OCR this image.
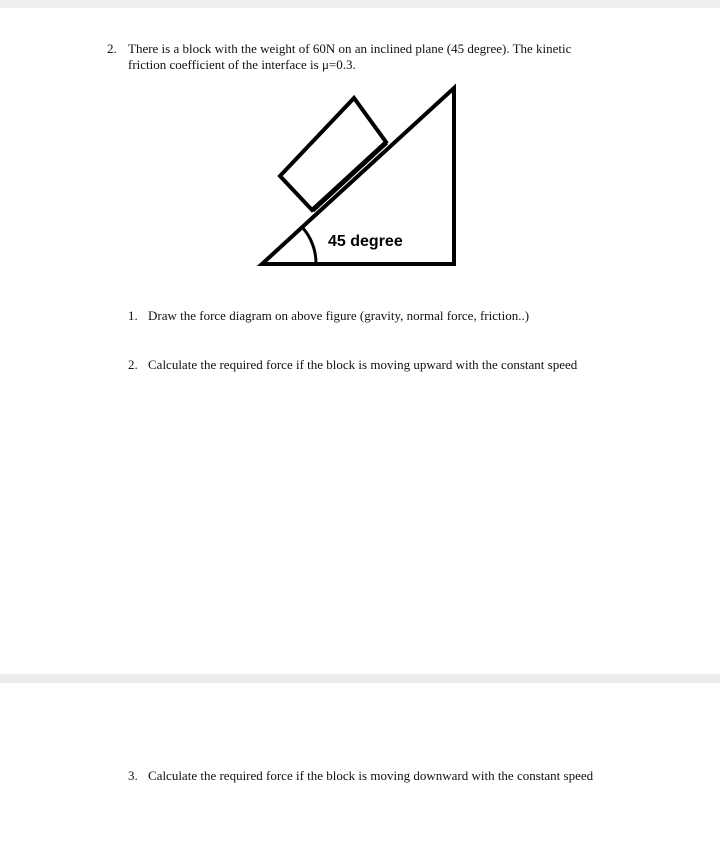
2. There is a block with the weight of 60N on an inclined plane (45 degree). The kinetic
friction coefficient of the interface is μ=0.3.
45 degree
1. Draw the force diagram on above figure (gravity, normal force, friction..)
2. Calculate the required force if the block is moving upward with the constant speed
3. Calculate the required force if the block is moving downward with the constant speed
